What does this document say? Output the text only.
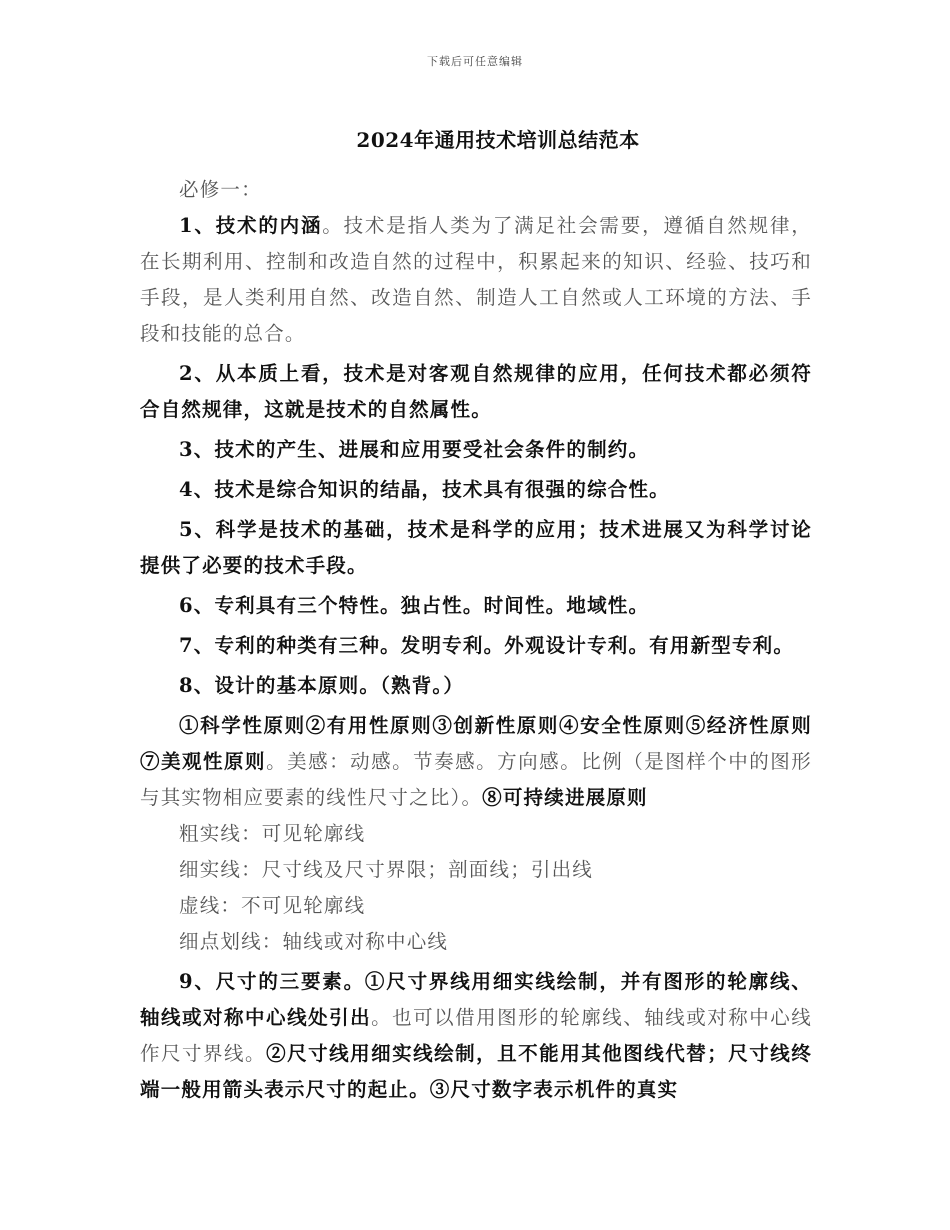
下载后可任意编辑
2024年通用技术培训总结范本

必修一：

1、技术的内涵。技术是指人类为了满足社会需要，遵循自然规律，在长期利用、控制和改造自然的过程中，积累起来的知识、经验、技巧和手段，是人类利用自然、改造自然、制造人工自然或人工环境的方法、手段和技能的总合。

2、从本质上看，技术是对客观自然规律的应用，任何技术都必须符合自然规律，这就是技术的自然属性。

3、技术的产生、进展和应用要受社会条件的制约。

4、技术是综合知识的结晶，技术具有很强的综合性。

5、科学是技术的基础，技术是科学的应用；技术进展又为科学讨论提供了必要的技术手段。

6、专利具有三个特性。独占性。时间性。地域性。

7、专利的种类有三种。发明专利。外观设计专利。有用新型专利。

8、设计的基本原则。（熟背。）

①科学性原则②有用性原则③创新性原则④安全性原则⑤经济性原则⑦美观性原则。美感：动感。节奏感。方向感。比例（是图样个中的图形与其实物相应要素的线性尺寸之比）。⑧可持续进展原则

粗实线：可见轮廓线

细实线：尺寸线及尺寸界限；剖面线；引出线

虚线：不可见轮廓线

细点划线：轴线或对称中心线

9、尺寸的三要素。①尺寸界线用细实线绘制，并有图形的轮廓线、轴线或对称中心线处引出。也可以借用图形的轮廓线、轴线或对称中心线作尺寸界线。②尺寸线用细实线绘制，且不能用其他图线代替；尺寸线终端一般用箭头表示尺寸的起止。③尺寸数字表示机件的真实
